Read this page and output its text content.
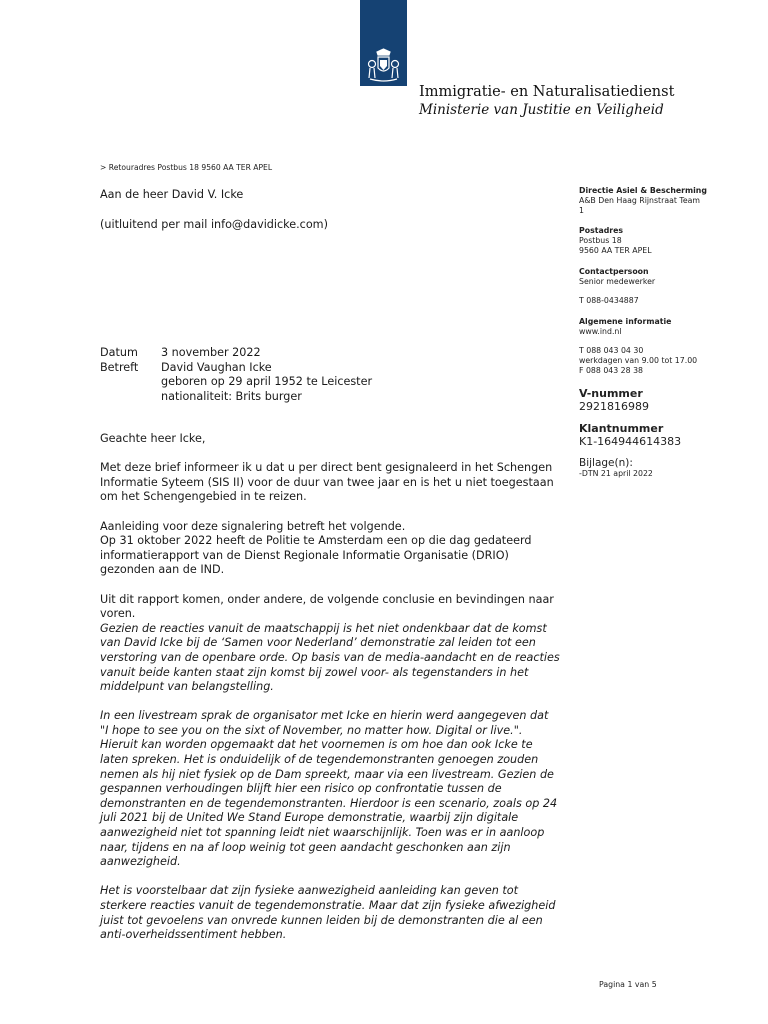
Immigratie- en Naturalisatiedienst
Ministerie van Justitie en Veiligheid
> Retouradres Postbus 18 9560 AA TER APEL
Aan de heer David V. Icke
(uitluitend per mail info@davidicke.com)
Datum	3 november 2022
Betreft	David Vaughan Icke
geboren op 29 april 1952 te Leicester
nationaliteit: Brits burger

Geachte heer Icke,

Met deze brief informeer ik u dat u per direct bent gesignaleerd in het Schengen Informatie Syteem (SIS II) voor de duur van twee jaar en is het u niet toegestaan om het Schengengebied in te reizen.

Aanleiding voor deze signalering betreft het volgende.

Op 31 oktober 2022 heeft de Politie te Amsterdam een op die dag gedateerd informatierapport van de Dienst Regionale Informatie Organisatie (DRIO) gezonden aan de IND.

Uit dit rapport komen, onder andere, de volgende conclusie en bevindingen naar voren.

Gezien de reacties vanuit de maatschappij is het niet ondenkbaar dat de komst van David Icke bij de ‘Samen voor Nederland’ demonstratie zal leiden tot een verstoring van de openbare orde. Op basis van de media-aandacht en de reacties vanuit beide kanten staat zijn komst bij zowel voor- als tegenstanders in het middelpunt van belangstelling.

In een livestream sprak de organisator met Icke en hierin werd aangegeven dat "I hope to see you on the sixt of November, no matter how. Digital or live.". Hieruit kan worden opgemaakt dat het voornemen is om hoe dan ook Icke te laten spreken. Het is onduidelijk of de tegendemonstranten genoegen zouden nemen als hij niet fysiek op de Dam spreekt, maar via een livestream. Gezien de gespannen verhoudingen blijft hier een risico op confrontatie tussen de demonstranten en de tegendemonstranten. Hierdoor is een scenario, zoals op 24 juli 2021 bij de United We Stand Europe demonstratie, waarbij zijn digitale aanwezigheid niet tot spanning leidt niet waarschijnlijk. Toen was er in aanloop naar, tijdens en na af loop weinig tot geen aandacht geschonken aan zijn aanwezigheid.

Het is voorstelbaar dat zijn fysieke aanwezigheid aanleiding kan geven tot sterkere reacties vanuit de tegendemonstratie. Maar dat zijn fysieke afwezigheid juist tot gevoelens van onvrede kunnen leiden bij de demonstranten die al een anti-overheidssentiment hebben.

Directie Asiel & Bescherming
A&B Den Haag Rijnstraat Team
1
Postadres
Postbus 18
9560 AA TER APEL
Contactpersoon
Senior medewerker
T 088-0434887
Algemene informatie
www.ind.nl
T 088 043 04 30
werkdagen van 9.00 tot 17.00
F 088 043 28 38
V-nummer
2921816989
Klantnummer
K1-164944614383
Bijlage(n):
-DTN 21 april 2022
Pagina 1 van 5
